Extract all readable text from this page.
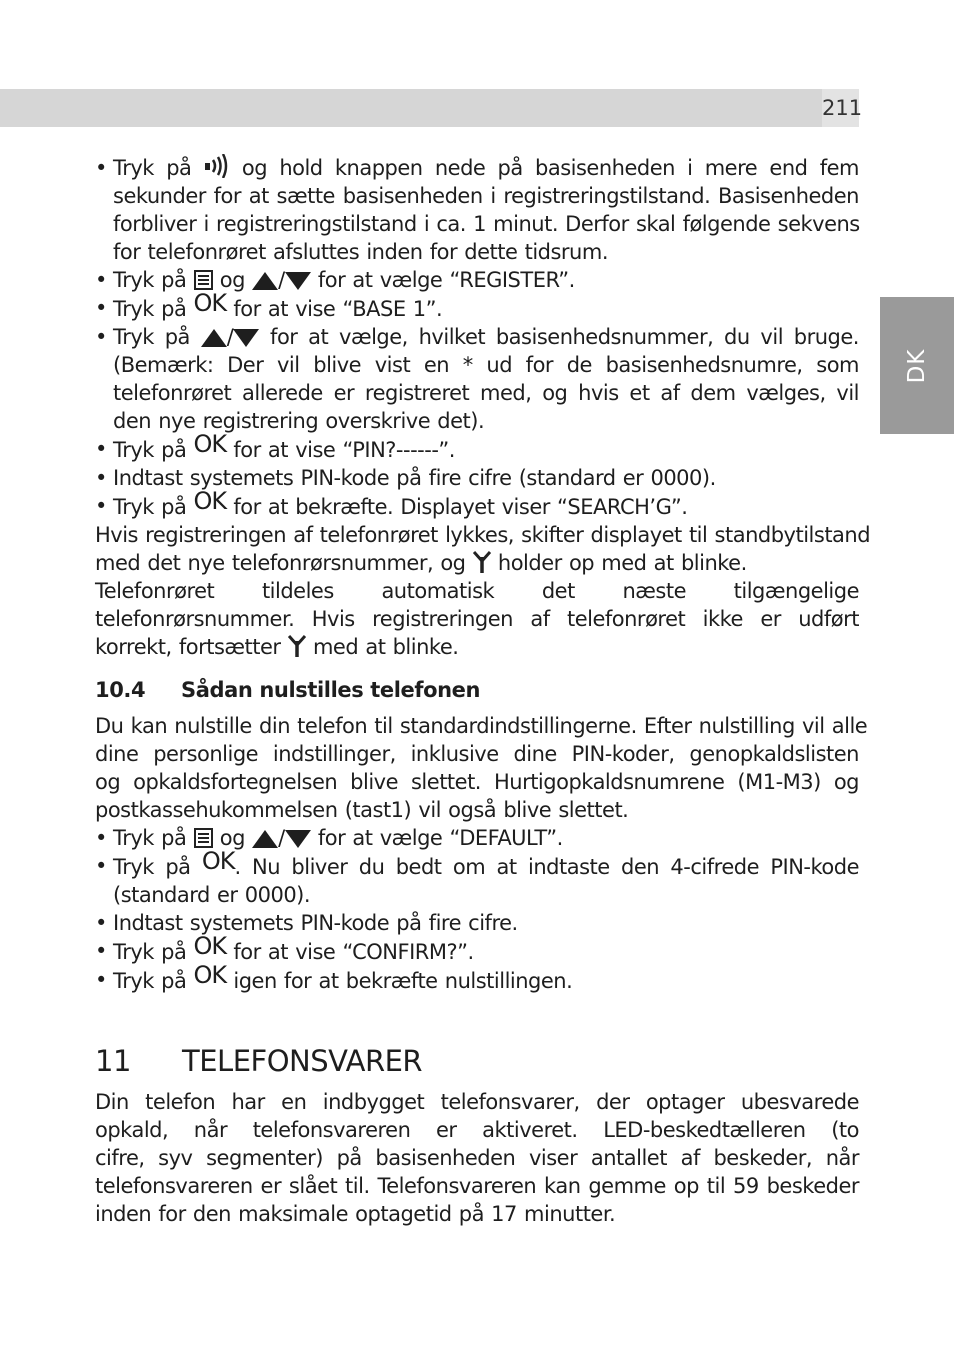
211
DK
• Tryk på og hold knappen nede på basisenheden i mere end fem
sekunder for at sætte basisenheden i registreringstilstand. Basisenheden
forbliver i registreringstilstand i ca. 1 minut. Derfor skal følgende sekvens
for telefonrøret afsluttes inden for dette tidsrum.
• Tryk på og / for at vælge “REGISTER”.
• Tryk på OK for at vise “BASE 1”.
• Tryk på / for at vælge, hvilket basisenhedsnummer, du vil bruge.
(Bemærk: Der vil blive vist en * ud for de basisenhedsnumre, som
telefonrøret allerede er registreret med, og hvis et af dem vælges, vil
den nye registrering overskrive det).
• Tryk på OK for at vise “PIN?------”.
• Indtast systemets PIN-kode på fire cifre (standard er 0000).
• Tryk på OK for at bekræfte. Displayet viser “SEARCH’G”.
Hvis registreringen af telefonrøret lykkes, skifter displayet til standbytilstand
med det nye telefonrørsnummer, og holder op med at blinke.
Telefonrøret tildeles automatisk det næste tilgængelige
telefonrørsnummer. Hvis registreringen af telefonrøret ikke er udført
korrekt, fortsætter med at blinke.
10.4 Sådan nulstilles telefonen
Du kan nulstille din telefon til standardindstillingerne. Efter nulstilling vil alle
dine personlige indstillinger, inklusive dine PIN-koder, genopkaldslisten
og opkaldsfortegnelsen blive slettet. Hurtigopkaldsnumrene (M1-M3) og
postkassehukommelsen (tast1) vil også blive slettet.
• Tryk på og / for at vælge “DEFAULT”.
• Tryk på OK. Nu bliver du bedt om at indtaste den 4-cifrede PIN-kode
(standard er 0000).
• Indtast systemets PIN-kode på fire cifre.
• Tryk på OK for at vise “CONFIRM?”.
• Tryk på OK igen for at bekræfte nulstillingen.
11 TELEFONSVARER
Din telefon har en indbygget telefonsvarer, der optager ubesvarede
opkald, når telefonsvareren er aktiveret. LED-beskedtælleren (to
cifre, syv segmenter) på basisenheden viser antallet af beskeder, når
telefonsvareren er slået til. Telefonsvareren kan gemme op til 59 beskeder
inden for den maksimale optagetid på 17 minutter.
